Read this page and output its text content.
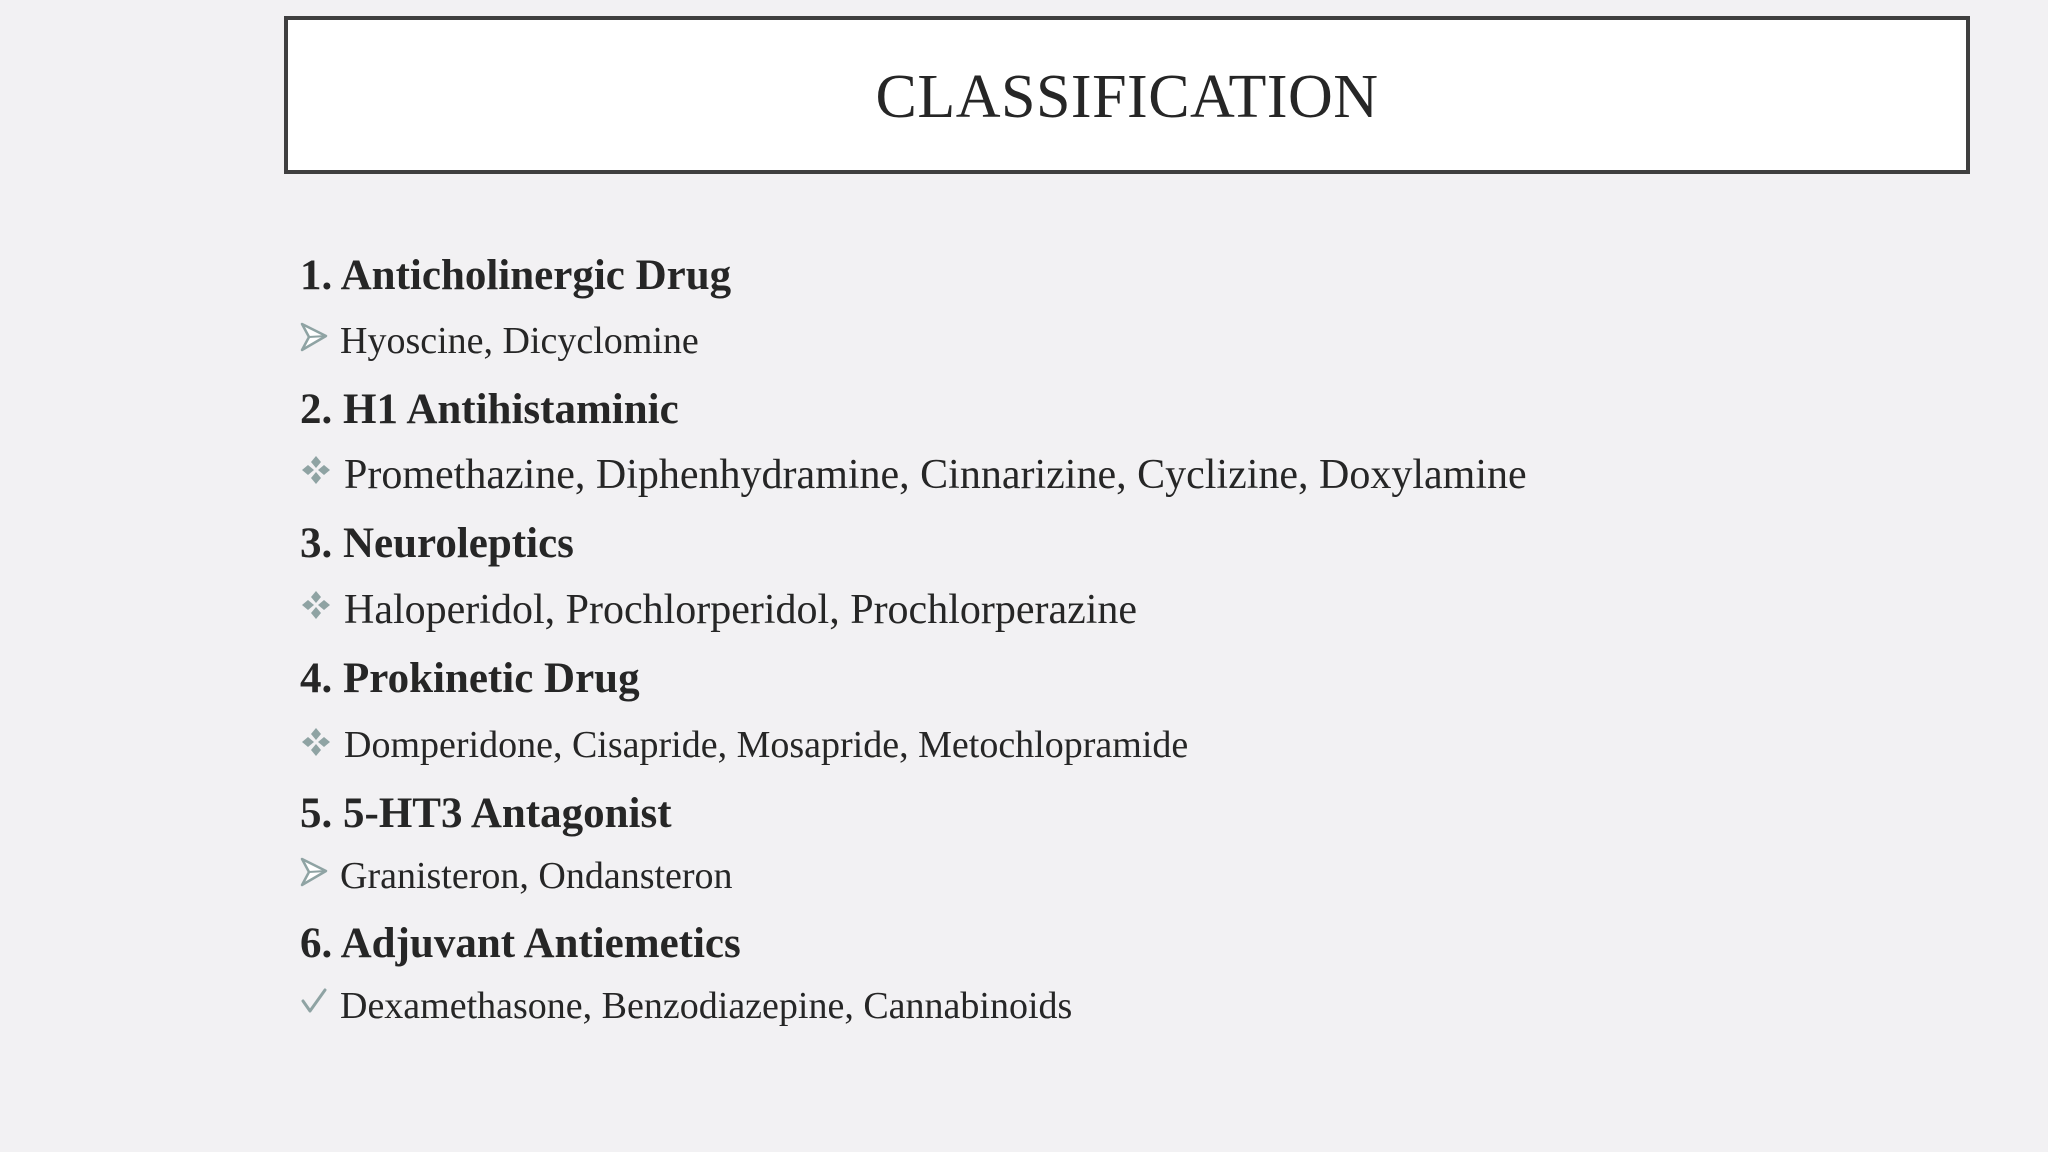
CLASSIFICATION
1. Anticholinergic Drug
Hyoscine, Dicyclomine
2. H1 Antihistaminic
Promethazine, Diphenhydramine, Cinnarizine, Cyclizine, Doxylamine
3. Neuroleptics
Haloperidol, Prochlorperidol, Prochlorperazine
4. Prokinetic Drug
Domperidone, Cisapride, Mosapride, Metochlopramide
5. 5-HT3 Antagonist
Granisteron, Ondansteron
6. Adjuvant Antiemetics
Dexamethasone, Benzodiazepine, Cannabinoids
